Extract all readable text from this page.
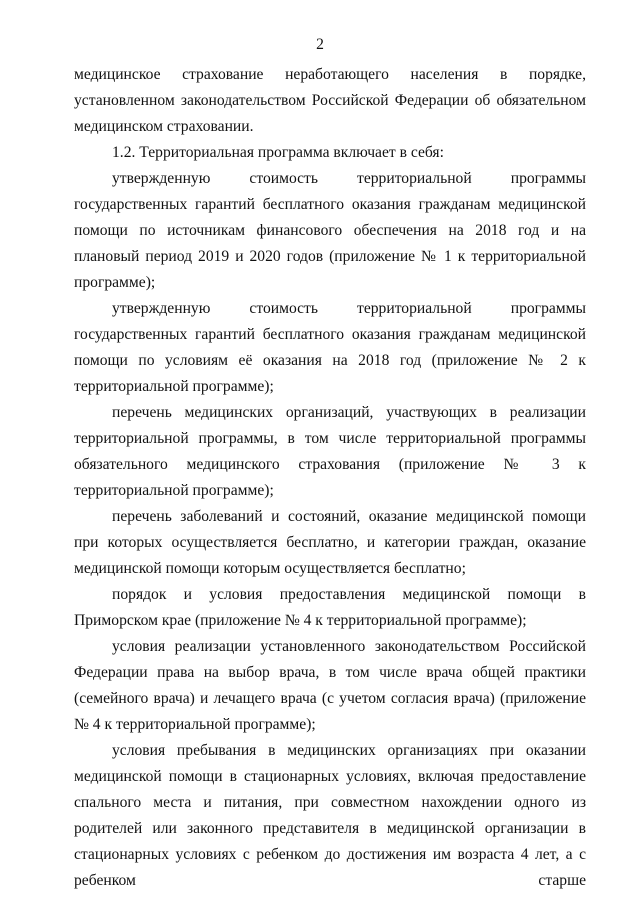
2

медицинское страхование неработающего населения в порядке, установленном законодательством Российской Федерации об обязательном медицинском страховании.

1.2. Территориальная программа включает в себя:

утвержденную стоимость территориальной программы государственных гарантий бесплатного оказания гражданам медицинской помощи по источникам финансового обеспечения на 2018 год и на плановый период 2019 и 2020 годов (приложение № 1 к территориальной программе);

утвержденную стоимость территориальной программы государственных гарантий бесплатного оказания гражданам медицинской помощи по условиям её оказания на 2018 год (приложение № 2 к территориальной программе);

перечень медицинских организаций, участвующих в реализации территориальной программы, в том числе территориальной программы обязательного медицинского страхования (приложение № 3 к территориальной программе);

перечень заболеваний и состояний, оказание медицинской помощи при которых осуществляется бесплатно, и категории граждан, оказание медицинской помощи которым осуществляется бесплатно;

порядок и условия предоставления медицинской помощи в Приморском крае (приложение № 4 к территориальной программе);

условия реализации установленного законодательством Российской Федерации права на выбор врача, в том числе врача общей практики (семейного врача) и лечащего врача (с учетом согласия врача) (приложение № 4 к территориальной программе);

условия пребывания в медицинских организациях при оказании медицинской помощи в стационарных условиях, включая предоставление спального места и питания, при совместном нахождении одного из родителей или законного представителя в медицинской организации в стационарных условиях с ребенком до достижения им возраста 4 лет, а с ребенком старше
